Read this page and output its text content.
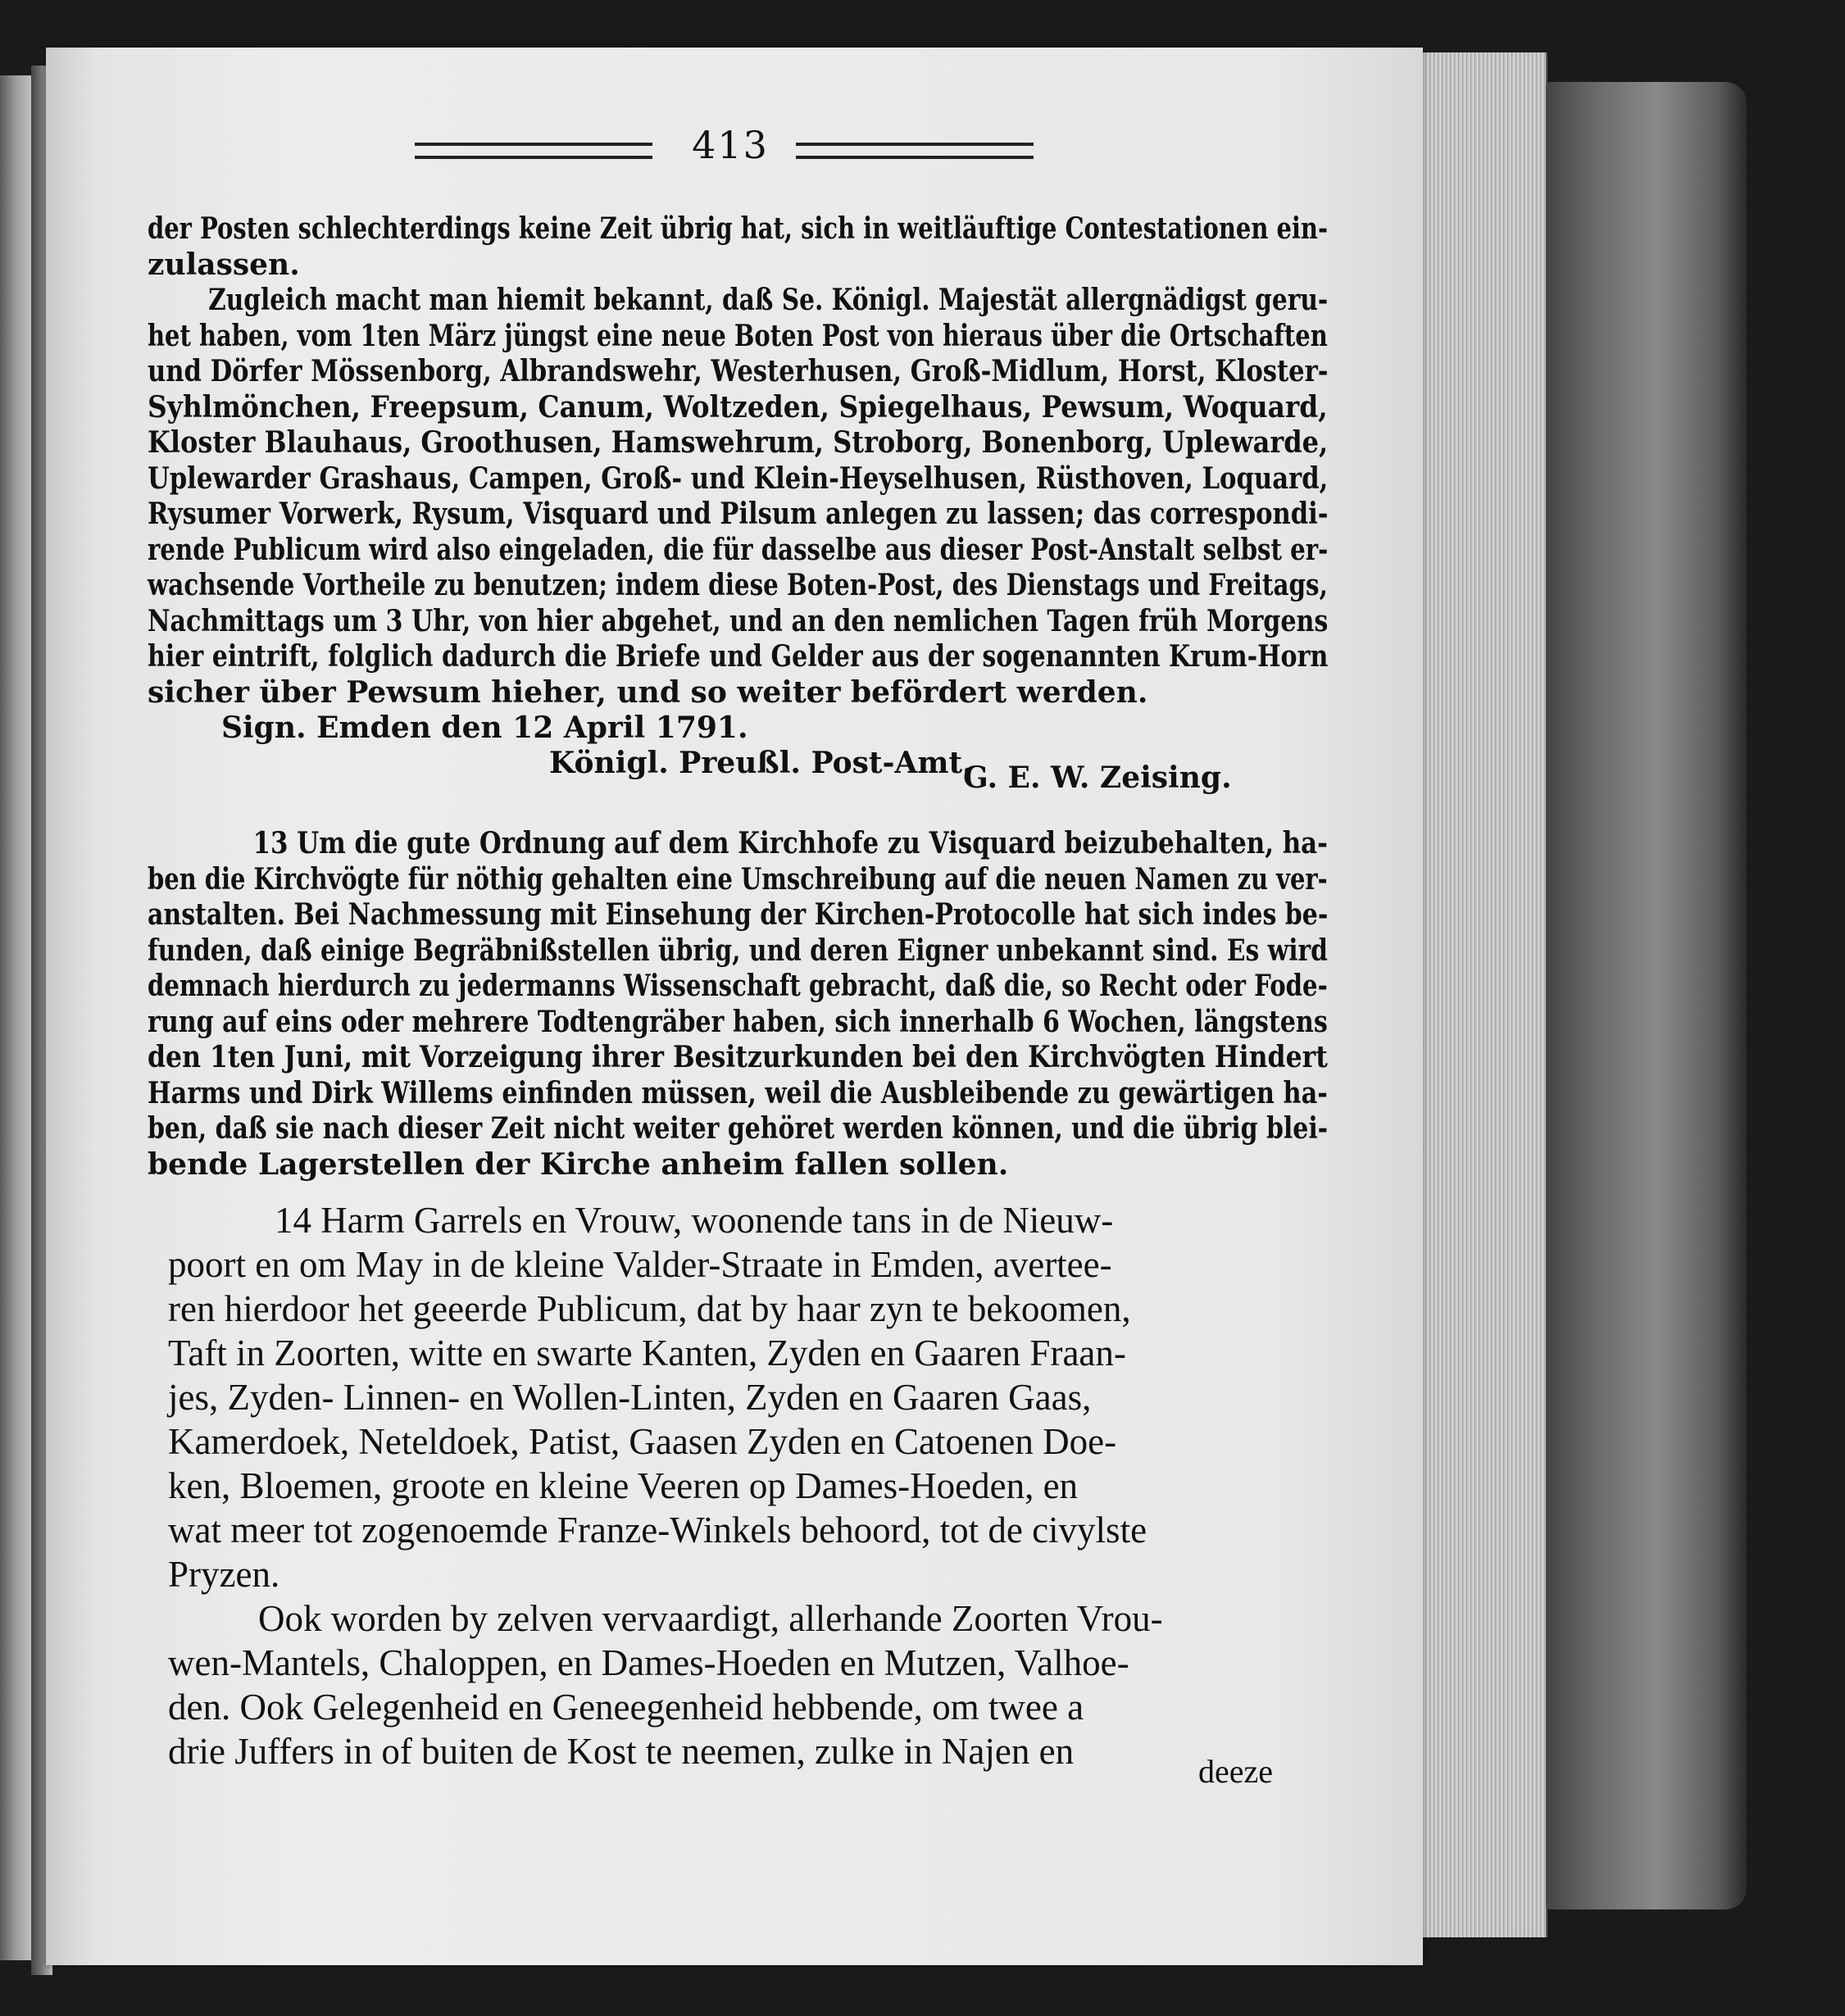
413
der Posten schlechterdings keine Zeit übrig hat, sich in weitläuftige Contestationen ein-
zulassen.
Zugleich macht man hiemit bekannt, daß Se. Königl. Majestät allergnädigst geru-
het haben, vom 1ten März jüngst eine neue Boten Post von hieraus über die Ortschaften
und Dörfer Mössenborg, Albrandswehr, Westerhusen, Groß-Midlum, Horst, Kloster-
Syhlmönchen, Freepsum, Canum, Woltzeden, Spiegelhaus, Pewsum, Woquard,
Kloster Blauhaus, Groothusen, Hamswehrum, Stroborg, Bonenborg, Uplewarde,
Uplewarder Grashaus, Campen, Groß- und Klein-Heyselhusen, Rüsthoven, Loquard,
Rysumer Vorwerk, Rysum, Visquard und Pilsum anlegen zu lassen; das correspondi-
rende Publicum wird also eingeladen, die für dasselbe aus dieser Post-Anstalt selbst er-
wachsende Vortheile zu benutzen; indem diese Boten-Post, des Dienstags und Freitags,
Nachmittags um 3 Uhr, von hier abgehet, und an den nemlichen Tagen früh Morgens
hier eintrift, folglich dadurch die Briefe und Gelder aus der sogenannten Krum-Horn
sicher über Pewsum hieher, und so weiter befördert werden.
Sign. Emden den 12 April 1791.
Königl. Preußl. Post-Amt.
G. E. W. Zeising.
13 Um die gute Ordnung auf dem Kirchhofe zu Visquard beizubehalten, ha-
ben die Kirchvögte für nöthig gehalten eine Umschreibung auf die neuen Namen zu ver-
anstalten. Bei Nachmessung mit Einsehung der Kirchen-Protocolle hat sich indes be-
funden, daß einige Begräbnißstellen übrig, und deren Eigner unbekannt sind. Es wird
demnach hierdurch zu jedermanns Wissenschaft gebracht, daß die, so Recht oder Fode-
rung auf eins oder mehrere Todtengräber haben, sich innerhalb 6 Wochen, längstens
den 1ten Juni, mit Vorzeigung ihrer Besitzurkunden bei den Kirchvögten Hindert
Harms und Dirk Willems einfinden müssen, weil die Ausbleibende zu gewärtigen ha-
ben, daß sie nach dieser Zeit nicht weiter gehöret werden können, und die übrig blei-
bende Lagerstellen der Kirche anheim fallen sollen.
14 Harm Garrels en Vrouw, woonende tans in de Nieuw-
poort en om May in de kleine Valder-Straate in Emden, avertee-
ren hierdoor het geeerde Publicum, dat by haar zyn te bekoomen,
Taft in Zoorten, witte en swarte Kanten, Zyden en Gaaren Fraan-
jes, Zyden- Linnen- en Wollen-Linten, Zyden en Gaaren Gaas,
Kamerdoek, Neteldoek, Patist, Gaasen Zyden en Catoenen Doe-
ken, Bloemen, groote en kleine Veeren op Dames-Hoeden, en
wat meer tot zogenoemde Franze-Winkels behoord, tot de civylste
Pryzen.
Ook worden by zelven vervaardigt, allerhande Zoorten Vrou-
wen-Mantels, Chaloppen, en Dames-Hoeden en Mutzen, Valhoe-
den. Ook Gelegenheid en Geneegenheid hebbende, om twee a
drie Juffers in of buiten de Kost te neemen, zulke in Najen en	deeze
